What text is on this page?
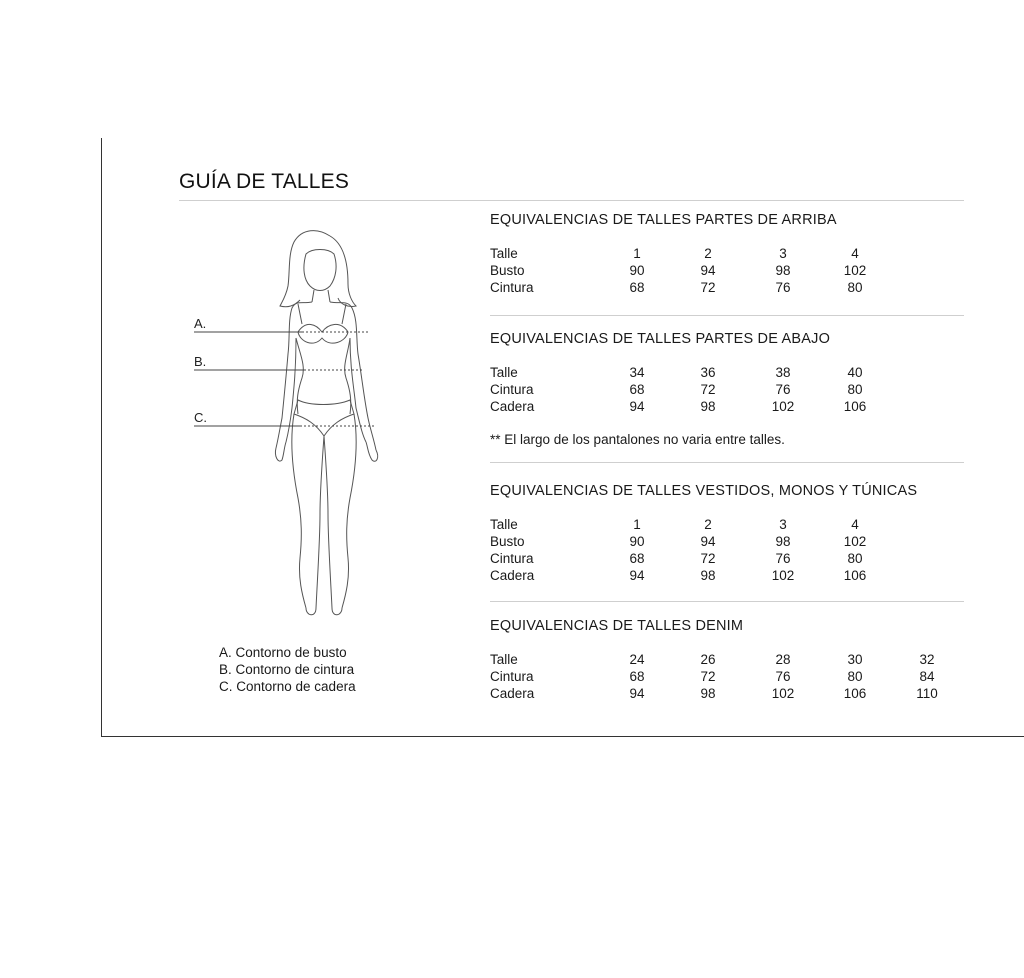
GUÍA DE TALLES
A.
B.
C.
A. Contorno de busto
B. Contorno de cintura
C. Contorno de cadera
EQUIVALENCIAS DE TALLES PARTES DE ARRIBA
Talle	1	2	3	4
Busto	90	94	98	102
Cintura	68	72	76	80
EQUIVALENCIAS DE TALLES PARTES DE ABAJO
Talle	34	36	38	40
Cintura	68	72	76	80
Cadera	94	98	102	106
** El largo de los pantalones no varia entre talles.
EQUIVALENCIAS DE TALLES VESTIDOS, MONOS Y TÚNICAS
Talle	1	2	3	4
Busto	90	94	98	102
Cintura	68	72	76	80
Cadera	94	98	102	106
EQUIVALENCIAS DE TALLES DENIM
Talle	24	26	28	30	32
Cintura	68	72	76	80	84
Cadera	94	98	102	106	110
